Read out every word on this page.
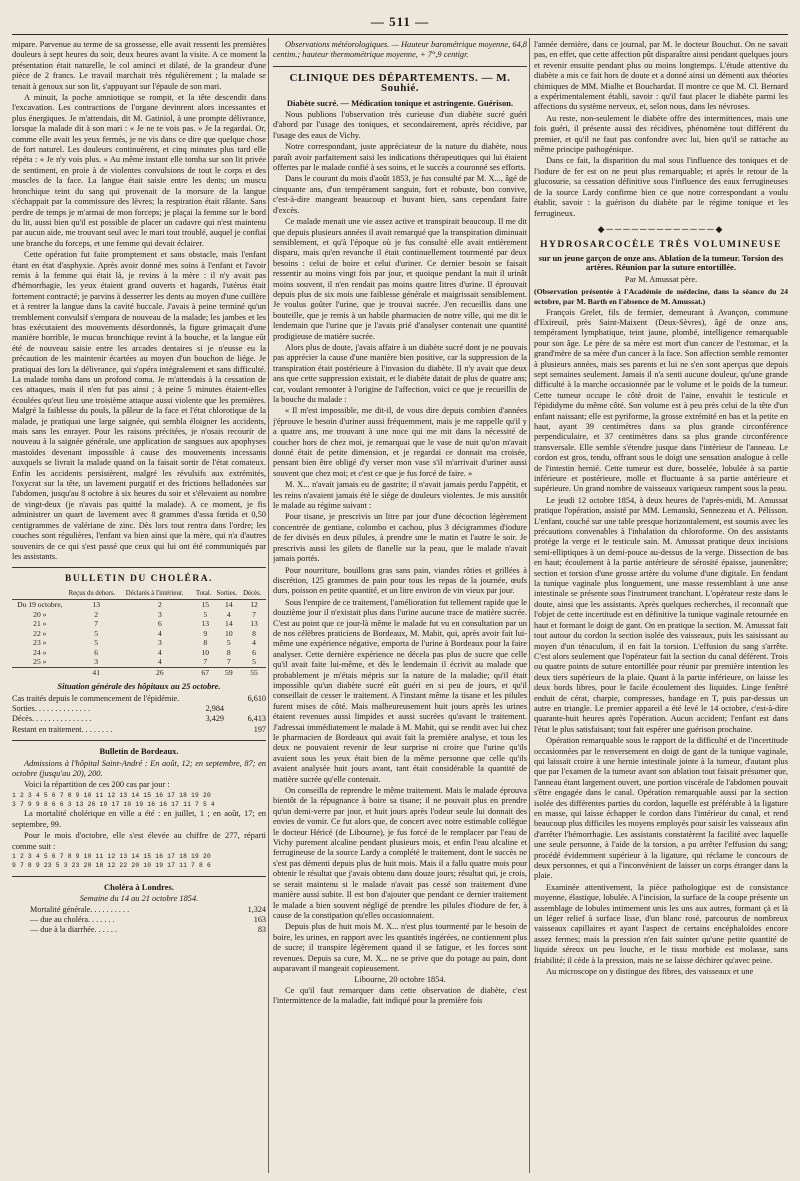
— 511 —

mipare. Parvenue au terme de sa grossesse, elle avait ressenti les premières douleurs à sept heures du soir, deux heures avant la visite. A ce moment la présentation était naturelle, le col aminci et dilaté, de la grandeur d'une pièce de 2 francs. Le travail marchait très régulièrement ; la malade se tenait à genoux sur son lit, s'appuyant sur l'épaule de son mari.

A minuit, la poche amniotique se rompit, et la tête descendit dans l'excavation. Les contractions de l'organe devinrent alors incessantes et plus énergiques. Je m'attendais, dit M. Gatiniol, à une prompte délivrance, lorsque la malade dit à son mari : « Je ne te vois pas. » Je la regardai. Or, comme elle avait les yeux fermés, je ne vis dans ce dire que quelque chose de fort naturel. Les douleurs continuèrent, et cinq minutes plus tard elle répéta : « Je n'y vois plus. » Au même instant elle tomba sur son lit privée de sentiment, en proie à de violentes convulsions de tout le corps et des muscles de la face. La langue était saisie entre les dents; un muscu bronchique teint du sang qui provenait de la morsure de la langue s'échappait par la commissure des lèvres; la respiration était râlante. Sans perdre de temps je m'armai de mon forceps; je plaçai la femme sur le bord du lit, aussi bien qu'il est possible de placer un cadavre qui n'est maintenu par aucun aide, me trouvant seul avec le mari tout troublé, auquel je confiai une branche du forceps, et une femme qui devait éclairer.

Cette opération fut faite promptement et sans obstacle, mais l'enfant étant en état d'asphyxie. Après avoir donné mes soins à l'enfant et l'avoir remis à la femme qui était là, je revins à la mère : il n'y avait pas d'hémorrhagie, les yeux étaient grand ouverts et hagards, l'utérus était fortement contracté; je parvins à desserrer les dents au moyen d'une cuillère et à rentrer la langue dans la cavité buccale. J'avais à peine terminé qu'un tremblement convulsif s'empara de nouveau de la malade; les jambes et les bras exécutaient des mouvements désordonnés, la figure grimaçait d'une manière horrible, le mucus bronchique revint à la bouche, et la langue eût été de nouveau saisie entre les arcades dentaires si je n'eusse eu la précaution de les maintenir écartées au moyen d'un bouchon de liége. Je pratiquai des lors la délivrance, qui s'opéra intégralement et sans difficulté. La malade tomba dans un profond coma. Je m'attendais à la cessation de ces attaques, mais il n'en fut pas ainsi ; à peine 5 minutes étaient-elles écoulées qu'eut lieu une troisième attaque aussi violente que les premières. Malgré la faiblesse du pouls, la pâleur de la face et l'état chlorotique de la malade, je pratiquai une large saignée, qui sembla éloigner les accidents, mais sans les enrayer. Pour les raisons précitées, je n'osais recourir de nouveau à la saignée générale, une application de sangsues aux apophyses mastoïdes devenant impossible à cause des mouvements incessants auxquels se livrait la malade quand on la faisait sortir de l'état comateux. Enfin les accidents persistèrent, malgré les révulsifs aux extrémités, l'oxycrat sur la tête, un lavement purgatif et des frictions belladonées sur l'abdomen, jusqu'au 8 octobre à six heures du soir et s'élevaient au nombre de vingt-deux (je n'avais pas quitté la malade). A ce moment, je fis administrer un quart de lavement avec 8 grammes d'assa fœtida et 0,50 centigrammes de valériane de zinc. Dès lors tout rentra dans l'ordre; les couches sont régulières, l'enfant va bien ainsi que la mère, qui n'a d'autres souvenirs de ce qui s'est passé que ceux qui lui ont été communiqués par les assistants.

BULLETIN DU CHOLÉRA.
	Reçus du dehors.	Déclarés à l'intérieur.	Total.	Sorties.	Décès.
Du 19 octobre,	13	2	15	14	12
20 »	2	3	5	4	7
21 »	7	6	13	14	13
22 »	5	4	9	10	8
23 »	5	3	8	5	4
24 »	6	4	10	8	6
25 »	3	4	7	7	5
	41	26	67	59	55
Situation générale des hôpitaux au 25 octobre.
Cas traités depuis le commencement de l'épidémie.	6,610
Sorties. . . . . . . . . . . . . .	2,984
Décès. . . . . . . . . . . . . . .	3,429	6,413
Restant en traitement. . . . . . . .	197
Bulletin de Bordeaux.

Admissions à l'hôpital Saint-André : En août, 12; en septembre, 87; en octobre (jusqu'au 20), 200.

Voici la répartition de ces 200 cas par jour :

1 2 3 4 5 6 7 8 9 10 11 12 13 14 15 16 17 18 19 20
3 7 9 9 8 6 6 3 13 26 19 17 10 19 16 16 17 11 7 5 4

La mortalité cholérique en ville a été : en juillet, 1 ; en août, 17; en septembre, 99.

Pour le mois d'octobre, elle s'est élevée au chiffre de 277, réparti comme suit :

1 2 3 4 5 6 7 8 9 10 11 12 13 14 15 16 17 18 19 20
9 7 8 9 23 5 3 23 20 18 12 22 20 10 19 17 11 7 8 6
Choléra à Londres.
Semaine du 14 au 21 octobre 1854.
Mortalité générale. . . . . . . . . .	1,324
— due au choléra. . . . . . .	163
— due à la diarrhée. . . . . .	83

Observations météorologiques. — Hauteur barométrique moyenne, 64,8 centim.; hauteur thermométrique moyenne, + 7°,9 centigr.

CLINIQUE DES DÉPARTEMENTS. — M. Souhié.
Diabète sucré. — Médication tonique et astringente. Guérison.

Nous publions l'observation très curieuse d'un diabète sucré guéri d'abord par l'usage des toniques, et secondairement, après récidive, par l'usage des eaux de Vichy.

Notre correspondant, juste appréciateur de la nature du diabète, nous paraît avoir parfaitement saisi les indications thérapeutiques qui lui étaient offertes par le malade confié à ses soins, et le succès a couronné ses efforts.

Dans le courant du mois d'août 1853, je fus consulté par M. X..., âgé de cinquante ans, d'un tempérament sanguin, fort et robuste, bon convive, c'est-à-dire mangeant beaucoup et buvant bien, sans cependant faire d'excès.

Ce malade menait une vie assez active et transpirait beaucoup. Il me dit que depuis plusieurs années il avait remarqué que la transpiration diminuait sensiblement, et qu'à l'époque où je fus consulté elle avait entièrement disparu, mais qu'en revanche il était continuellement tourmenté par deux besoins : celui de boire et celui d'uriner. Ce dernier besoin se faisait ressentir au moins vingt fois par jour, et quoique pendant la nuit il urinât moins souvent, il n'en rendait pas moins quatre litres d'urine. Il éprouvait depuis plus de six mois une faiblesse générale et maigrissait sensiblement. Je voulus goûter l'urine, que je trouvai sucrée. J'en recueillis dans une bouteille, que je remis à un habile pharmacien de notre ville, qui me dit le lendemain que l'urine que je l'avais prié d'analyser contenait une quantité prodigieuse de matière sucrée.

Alors plus de doute, j'avais affaire à un diabète sucré dont je ne pouvais pas apprécier la cause d'une manière bien positive, car la suppression de la transpiration était postérieure à l'invasion du diabète. Il n'y avait que deux ans que cette suppression existait, et le diabète datait de plus de quatre ans; car, voulant remonter à l'origine de l'affection, voici ce que je recueillis de la bouche du malade :

« Il m'est impossible, me dit-il, de vous dire depuis combien d'années j'éprouve le besoin d'uriner aussi fréquemment, mais je me rappelle qu'il y a quatre ans, me trouvant à une noce qui me mit dans la nécessité de coucher hors de chez moi, je remarquai que le vase de nuit qu'on m'avait donné était de petite dimension, et je regardai ce donnait ma croisée, pensant bien être obligé d'y verser mon vase s'il m'arrivait d'uriner aussi souvent que chez moi; et c'est ce que je fus forcé de faire. »

M. X... n'avait jamais eu de gastrite; il n'avait jamais perdu l'appétit, et les reins n'avaient jamais été le siège de douleurs violentes. Je mis aussitôt le malade au régime suivant :

Pour tisane, je prescrivis un litre par jour d'une décoction légèrement concentrée de gentiane, colombo et cachou, plus 3 décigrammes d'iodure de fer divisés en deux pilules, à prendre une le matin et l'autre le soir. Je prescrivis aussi les gilets de flanelle sur la peau, que le malade n'avait jamais portés.

Pour nourriture, bouillons gras sans pain, viandes rôties et grillées à discrétion, 125 grammes de pain pour tous les repas de la journée, œufs durs, poisson en petite quantité, et un litre environ de vin vieux par jour.

Sous l'empire de ce traitement, l'amélioration fut tellement rapide que le douzième jour il n'existait plus dans l'urine aucune trace de matière sucrée. C'est au point que ce jour-là même le malade fut vu en consultation par un de nos célèbres praticiens de Bordeaux, M. Mabit, qui, après avoir fait lui-même une expérience négative, emporta de l'urine à Bordeaux pour la faire analyser. Cette dernière expérience ne décela pas plus de sucre que celle qu'il avait faite lui-même, et dès le lendemain il écrivit au malade que probablement je m'étais mépris sur la nature de la maladie; qu'il était impossible qu'un diabète sucré eût guéri en si peu de jours, et qu'il conseillait de cesser le traitement. A l'instant même la tisane et les pilules furent mises de côté. Mais malheureusement huit jours après les urines étaient revenues aussi limpides et aussi sucrées qu'avant le traitement. J'adressai immédiatement le malade à M. Mabit, qui se rendit avec lui chez le pharmacien de Bordeaux qui avait fait la première analyse, et tous les deux ne pouvaient revenir de leur surprise ni croire que l'urine qu'ils avaient sous les yeux était bien de la même personne que celle qu'ils avaient analysée huit jours avant, tant était considérable la quantité de matière sucrée qu'elle contenait.

On conseilla de reprendre le même traitement. Mais le malade éprouva bientôt de la répugnance à boire sa tisane; il ne pouvait plus en prendre qu'un demi-verre par jour, et huit jours après l'odeur seule lui donnait des envies de vomir. Ce fut alors que, de concert avec notre estimable collègue le docteur Héricé (de Libourne), je fus forcé de le remplacer par l'eau de Vichy purement alcaline pendant plusieurs mois, et enfin l'eau alcaline et ferrugineuse de la source Lardy a complété le traitement, dont le succès ne s'est pas démenti depuis plus de huit mois. Mais il a fallu quatre mois pour obtenir le résultat que j'avais obtenu dans douze jours; résultat qui, je crois, se serait maintenu si le malade n'avait pas cessé son traitement d'une manière aussi subite. Il est bon d'ajouter que pendant ce dernier traitement le malade a bien souvent négligé de prendre les pilules d'iodure de fer, à cause de la constipation qu'elles occasionnaient.

Depuis plus de huit mois M. X... n'est plus tourmenté par le besoin de boire, les urines, en rapport avec les quantités ingérées, ne contiennent plus de sucre; il transpire légèrement quand il se fatigue, et les forces sont revenues. Depuis sa cure, M. X... ne se prive que du potage au pain, dont auparavant il mangeait copieusement.

Libourne, 20 octobre 1854.

Ce qu'il faut remarquer dans cette observation de diabète, c'est l'intermittence de la maladie, fait indiqué pour la première fois

l'année dernière, dans ce journal, par M. le docteur Bouchut. On ne savait pas, en effet, que cette affection pût disparaître ainsi pendant quelques jours et revenir ensuite pendant plus ou moins longtemps. L'étude attentive du diabète a mis ce fait hors de doute et a donné ainsi un démenti aux théories chimiques de MM. Mialhe et Bouchardat. Il montre ce que M. Cl. Bernard a expérimentalement établi, savoir : qu'il faut placer le diabète parmi les affections du système nerveux, et, selon nous, dans les névroses.

Au reste, non-seulement le diabète offre des intermittences, mais une fois guéri, il présente aussi des récidives, phénomène tout différent du premier, et qu'il ne faut pas confondre avec lui, bien qu'il se rattache au même principe pathogénique.

Dans ce fait, la disparition du mal sous l'influence des toniques et de l'iodure de fer est on ne peut plus remarquable; et après le retour de la glucosurie, sa cessation définitive sous l'influence des eaux ferrugineuses de la source Lardy confirme bien ce que notre correspondant a voulu établir, savoir : la guérison du diabète par le régime tonique et les ferrugineux.

◆─────────────◆
HYDROSARCOCÈLE TRÈS VOLUMINEUSE
sur un jeune garçon de onze ans. Ablation de la tumeur. Torsion des artères. Réunion par la suture entortillée.
Par M. Amussat père.

(Observation présentée à l'Académie de médecine, dans la séance du 24 octobre, par M. Barth en l'absence de M. Amussat.)

François Grelet, fils de fermier, demeurant à Avançon, commune d'Exireuil, près Saint-Maixent (Deux-Sèvres), âgé de onze ans, tempérament lymphatique, teint jaune, plombé, intelligence remarquable pour son âge. Le père de sa mère est mort d'un cancer de l'estomac, et la grand'mère de sa mère d'un cancer à la face. Son affection semble remonter à plusieurs années, mais ses parents et lui ne s'en sont aperçus que depuis sept semaines seulement. Jamais il n'a senti aucune douleur, qu'une grande difficulté à la marche occasionnée par le volume et le poids de la tumeur. Cette tumeur occupe le côté droit de l'aine, envahit le testicule et l'épididyme du même côté. Son volume est à peu près celui de la tête d'un enfant naissant; elle est pyriforme, la grosse extrémité en bas et la petite en haut, ayant 39 centimètres dans sa plus grande circonférence perpendiculaire, et 37 centimètres dans sa plus grande circonférence transversale. Elle semble s'étendre jusque dans l'intérieur de l'anneau. Le cordon est gros, tendu, offrant sous le doigt une sensation analogue à celle de l'intestin hernié. Cette tumeur est dure, bosselée, lobulée à sa partie inférieure et postérieure, molle et fluctuante à sa partie antérieure et supérieure. Un grand nombre de vaisseaux variqueux rampent sous la peau.

Le jeudi 12 octobre 1854, à deux heures de l'après-midi, M. Amussat pratique l'opération, assisté par MM. Lemanski, Sennezeau et A. Pélisson. L'enfant, couché sur une table presque horizontalement, est soumis avec les précautions convenables à l'inhalation du chloroforme. On des assistants protége la verge et le testicule sain. M. Amussat pratique deux incisions semi-elliptiques à un demi-pouce au-dessus de la verge. Dissection de bas en haut; écoulement à la partie antérieure de sérosité épaisse, jaunenâtre; section et torsion d'une grosse artère du volume d'une digitale. En fendant la tunique vaginale plus longuement, une masse ressemblant à une anse intestinale se présente sous l'instrument tranchant. L'opérateur reste dans le doute, ainsi que les assistants. Après quelques recherches, il reconnaît que l'objet de cette incertitude est en définitive la tunique vaginale retournée en haut et formant le doigt de gant. On en pratique la section. M. Amussat fait tout autour du cordon la section isolée des vaisseaux, puis les saisissant au moyen d'un ténaculum, il en fait la torsion. L'effusion du sang s'arrête. C'est alors seulement que l'opérateur fait la section du canal déférent. Trois ou quatre points de suture entortillée pour réunir par première intention les deux tiers supérieurs de la plaie. Quant à la partie inférieure, on laisse les deux bords libres, pour le facile écoulement des liquides. Linge fenêtré enduit de cérat, charpie, compresses, bandage en T, puis par-dessus un autre en triangle. Le premier appareil a été levé le 14 octobre, c'est-à-dire quarante-huit heures après l'opération. Aucun accident; l'enfant est dans l'état le plus satisfaisant; tout fait espérer une guérison prochaine.

Opération remarquable sous le rapport de la difficulté et de l'incertitude occasionnées par le renversement en doigt de gant de la tunique vaginale, qui laissait croire à une hernie intestinale jointe à la tumeur, d'autant plus que par l'examen de la tumeur avant son ablation tout faisait présumer que, l'anneau étant largement ouvert, une portion viscérale de l'abdomen pouvait s'être engagée dans le canal. Opération remarquable aussi par la section isolée des différentes parties du cordon, laquelle est préférable à la ligature en masse, qui laisse échapper le cordon dans l'intérieur du canal, et rend beaucoup plus difficiles les moyens employés pour saisir les vaisseaux afin d'arrêter l'hémorrhagie. Les assistants constatèrent la facilité avec laquelle une seule personne, à l'aide de la torsion, a pu arrêter l'effusion du sang; procédé évidemment supérieur à la ligature, qui réclame le concours de deux personnes, et qui a l'inconvénient de laisser un corps étranger dans la plaie.

Examinée attentivement, la pièce pathologique est de consistance moyenne, élastique, lobulée. A l'incision, la surface de la coupe présente un assemblage de lobules intimement unis les uns aux autres, formant çà et là un léger relief à surface lisse, d'un blanc rosé, parcourus de nombreux vaisseaux capillaires et ayant l'aspect de certains encéphaloïdes encore assez fermes; mais la pression n'en fait suinter qu'une petite quantité de liquide séreux un peu louche, et le tissu morbide est molasse, sans friabilité; il cède à la pression, mais ne se laisse déchirer qu'avec peine.

Au microscope on y distingue des fibres, des vaisseaux et une
